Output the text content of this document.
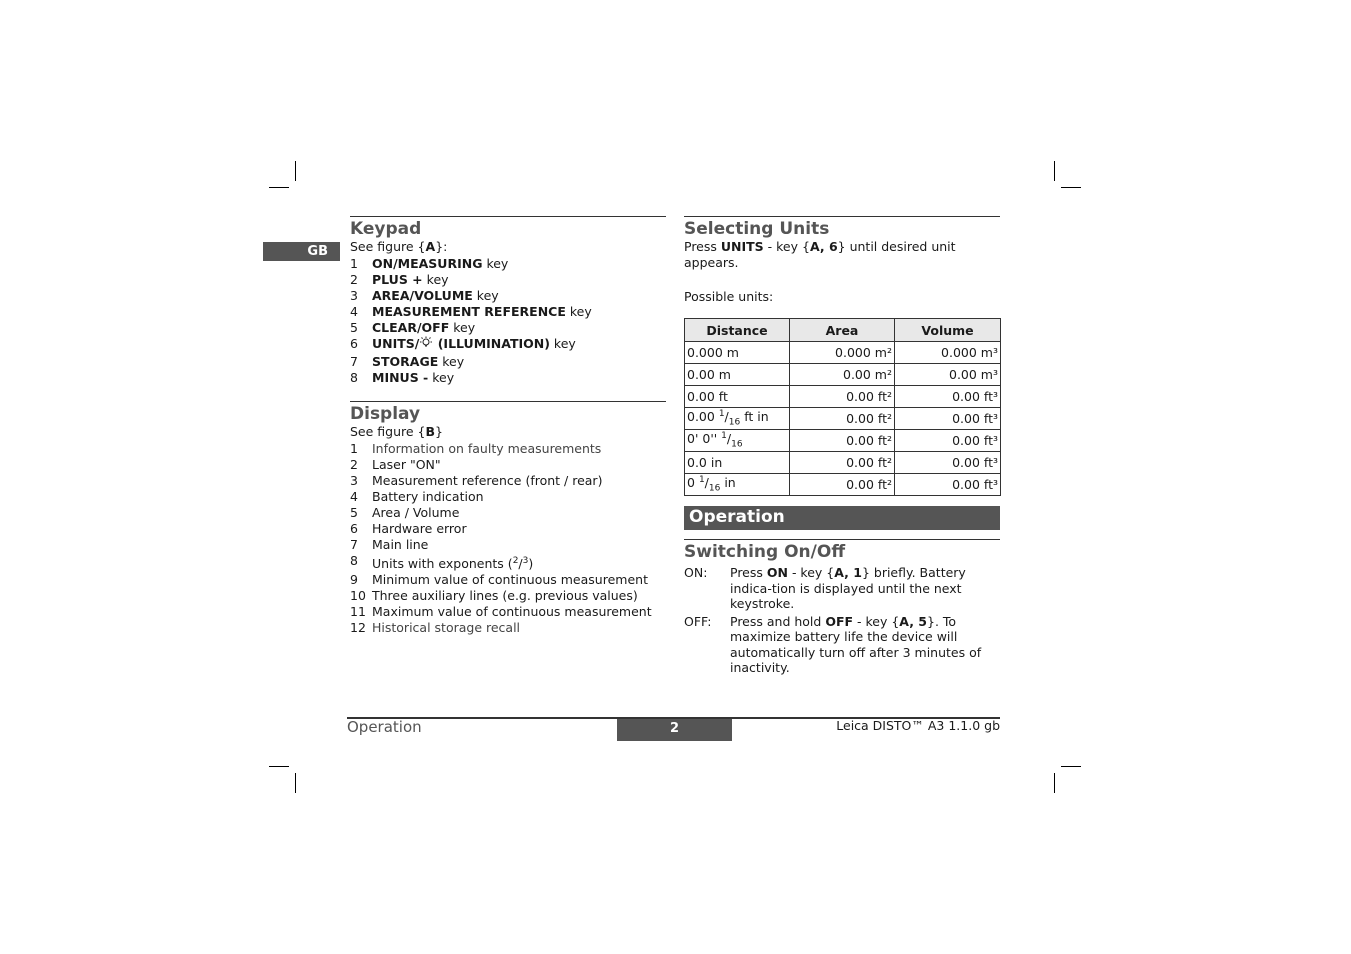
GB
Keypad
See figure {A}:
1	ON/MEASURING key
2	PLUS + key
3	AREA/VOLUME key
4	MEASUREMENT REFERENCE key
5	CLEAR/OFF key
6	UNITS/ (ILLUMINATION) key
7	STORAGE key
8	MINUS - key
Display
See figure {B}
1	Information on faulty measurements
2	Laser "ON"
3	Measurement reference (front / rear)
4	Battery indication
5	Area / Volume
6	Hardware error
7	Main line
8	Units with exponents ($^2$/$^3$)
9	Minimum value of continuous measurement
10 Three auxiliary lines (e.g. previous values)
11 Maximum value of continuous measurement
12 Historical storage recall
Selecting Units
Press UNITS - key {A, 6} until desired unit appears.
Possible units:
Distance	Area	Volume
0.000 m	0.000 m²	0.000 m³
0.00 m	0.00 m²	0.00 m³
0.00 ft	0.00 ft²	0.00 ft³
0.00 $^1/_{16}$ ft in	0.00 ft²	0.00 ft³
0' 0'' $^1/_{16}$	0.00 ft²	0.00 ft³
0.0 in	0.00 ft²	0.00 ft³
0 $^1/_{16}$ in	0.00 ft²	0.00 ft³
Operation
Switching On/Off
ON:	Press ON - key {A, 1} briefly. Battery indica-tion is displayed until the next keystroke.
OFF:	Press and hold OFF - key {A, 5}. To maximize battery life the device will automatically turn off after 3 minutes of inactivity.
Operation	2	Leica DISTO™ A3 1.1.0 gb
